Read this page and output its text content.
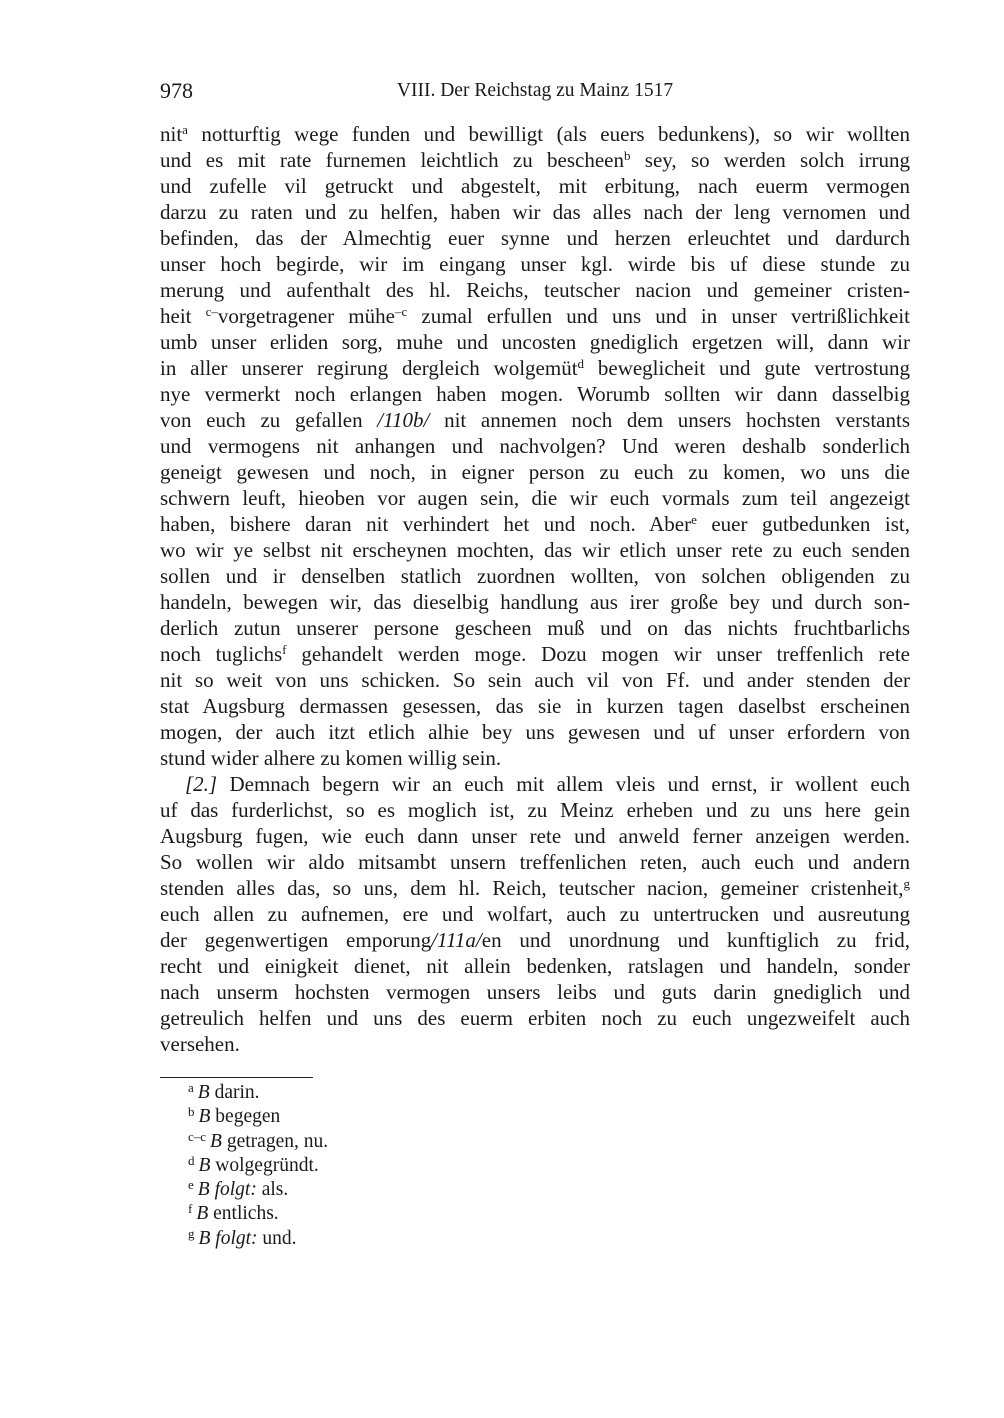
978	VIII. Der Reichstag zu Mainz 1517
nit$^a$ notturftig wege funden und bewilligt (als euers bedunkens), so wir wollten
und es mit rate furnemen leichtlich zu bescheen$^b$ sey, so werden solch irrung
und zufelle vil getruckt und abgestelt, mit erbitung, nach euerm vermogen
darzu zu raten und zu helfen, haben wir das alles nach der leng vernomen und
befinden, das der Almechtig euer synne und herzen erleuchtet und dardurch
unser hoch begirde, wir im eingang unser kgl. wirde bis uf diese stunde zu
merung und aufenthalt des hl. Reichs, teutscher nacion und gemeiner cristen-
heit $^{c-}$vorgetragener mühe$^{-c}$ zumal erfullen und uns und in unser vertrißlichkeit
umb unser erliden sorg, muhe und uncosten gnediglich ergetzen will, dann wir
in aller unserer regirung dergleich wolgemüt$^d$ beweglicheit und gute vertrostung
nye vermerkt noch erlangen haben mogen. Worumb sollten wir dann dasselbig
von euch zu gefallen /110b/ nit annemen noch dem unsers hochsten verstants
und vermogens nit anhangen und nachvolgen? Und weren deshalb sonderlich
geneigt gewesen und noch, in eigner person zu euch zu komen, wo uns die
schwern leuft, hieoben vor augen sein, die wir euch vormals zum teil angezeigt
haben, bishere daran nit verhindert het und noch. Aber$^e$ euer gutbedunken ist,
wo wir ye selbst nit erscheynen mochten, das wir etlich unser rete zu euch senden
sollen und ir denselben statlich zuordnen wollten, von solchen obligenden zu
handeln, bewegen wir, das dieselbig handlung aus irer große bey und durch son-
derlich zutun unserer persone gescheen muß und on das nichts fruchtbarlichs
noch tuglichs$^f$ gehandelt werden moge. Dozu mogen wir unser treffenlich rete
nit so weit von uns schicken. So sein auch vil von Ff. und ander stenden der
stat Augsburg dermassen gesessen, das sie in kurzen tagen daselbst erscheinen
mogen, der auch itzt etlich alhie bey uns gewesen und uf unser erfordern von
stund wider alhere zu komen willig sein.
[2.] Demnach begern wir an euch mit allem vleis und ernst, ir wollent euch
uf das furderlichst, so es moglich ist, zu Meinz erheben und zu uns here gein
Augsburg fugen, wie euch dann unser rete und anweld ferner anzeigen werden.
So wollen wir aldo mitsambt unsern treffenlichen reten, auch euch und andern
stenden alles das, so uns, dem hl. Reich, teutscher nacion, gemeiner cristenheit,$^g$
euch allen zu aufnemen, ere und wolfart, auch zu untertrucken und ausreutung
der gegenwertigen emporung/111a/en und unordnung und kunftiglich zu frid,
recht und einigkeit dienet, nit allein bedenken, ratslagen und handeln, sonder
nach unserm hochsten vermogen unsers leibs und guts darin gnediglich und
getreulich helfen und uns des euerm erbiten noch zu euch ungezweifelt auch
versehen.
$^a$ B darin.
$^b$ B begegen
$^{c-c}$ B getragen, nu.
$^d$ B wolgegründt.
$^e$ B folgt: als.
$^f$ B entlichs.
$^g$ B folgt: und.
